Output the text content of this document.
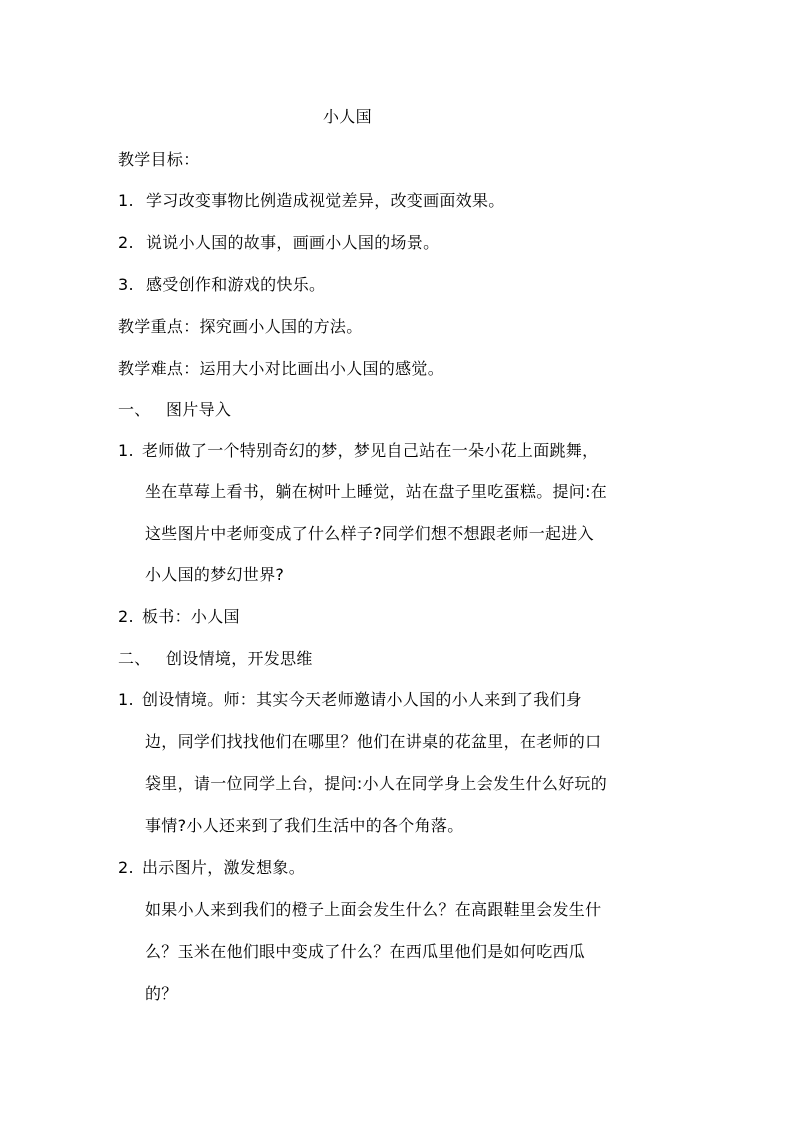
小人国
教学目标：
1. 学习改变事物比例造成视觉差异，改变画面效果。
2. 说说小人国的故事，画画小人国的场景。
3. 感受创作和游戏的快乐。
教学重点：探究画小人国的方法。
教学难点：运用大小对比画出小人国的感觉。
一、 图片导入
1. 老师做了一个特别奇幻的梦，梦见自己站在一朵小花上面跳舞，
坐在草莓上看书，躺在树叶上睡觉，站在盘子里吃蛋糕。提问:在
这些图片中老师变成了什么样子?同学们想不想跟老师一起进入
小人国的梦幻世界?
2. 板书：小人国
二、 创设情境，开发思维
1. 创设情境。师：其实今天老师邀请小人国的小人来到了我们身
边，同学们找找他们在哪里？他们在讲桌的花盆里，在老师的口
袋里，请一位同学上台，提问:小人在同学身上会发生什么好玩的
事情?小人还来到了我们生活中的各个角落。
2. 出示图片，激发想象。
如果小人来到我们的橙子上面会发生什么？在高跟鞋里会发生什
么？玉米在他们眼中变成了什么？在西瓜里他们是如何吃西瓜
的？
